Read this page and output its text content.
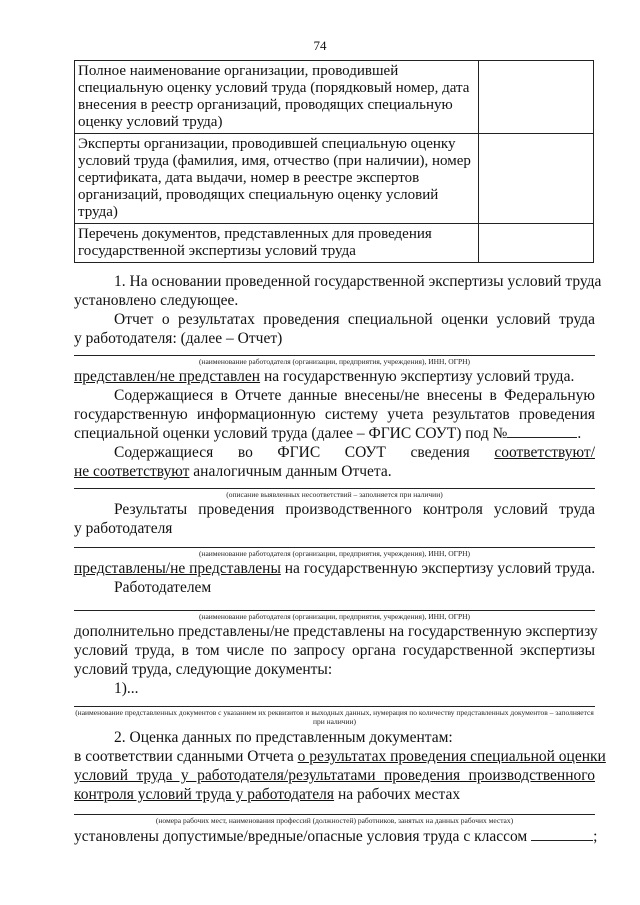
74
Полное наименование организации, проводившей специальную оценку условий труда (порядковый номер, дата внесения в реестр организаций, проводящих специальную оценку условий труда)	
Эксперты организации, проводившей специальную оценку условий труда (фамилия, имя, отчество (при наличии), номер сертификата, дата выдачи, номер в реестре экспертов организаций, проводящих специальную оценку условий труда)	
Перечень документов, представленных для проведения государственной экспертизы условий труда	
1. На основании проведенной государственной экспертизы условий труда
установлено следующее.
Отчет о результатах проведения специальной оценки условий труда
у работодателя: (далее – Отчет)
(наименование работодателя (организации, предприятия, учреждения), ИНН, ОГРН)
представлен/не представлен на государственную экспертизу условий труда.
Содержащиеся в Отчете данные внесены/не внесены в Федеральную
государственную информационную систему учета результатов проведения
специальной оценки условий труда (далее – ФГИС СОУТ) под №	.
Содержащиеся во ФГИС СОУТ сведения соответствуют/
не соответствуют аналогичным данным Отчета.
(описание выявленных несоответствий – заполняется при наличии)
Результаты проведения производственного контроля условий труда
у работодателя
(наименование работодателя (организации, предприятия, учреждения), ИНН, ОГРН)
представлены/не представлены на государственную экспертизу условий труда.
Работодателем
(наименование работодателя (организации, предприятия, учреждения), ИНН, ОГРН)
дополнительно представлены/не представлены на государственную экспертизу
условий труда, в том числе по запросу органа государственной экспертизы
условий труда, следующие документы:
1)...
(наименование представленных документов с указанием их реквизитов и выходных данных, нумерация по количеству представленных документов – заполняется при наличии)
2. Оценка данных по представленным документам:
в соответствии сданными Отчета о результатах проведения специальной оценки
условий труда у работодателя/результатами проведения производственного
контроля условий труда у работодателя на рабочих местах
(номера рабочих мест, наименования профессий (должностей) работников, занятых на данных рабочих местах)
установлены допустимые/вредные/опасные условия труда с классом	;
